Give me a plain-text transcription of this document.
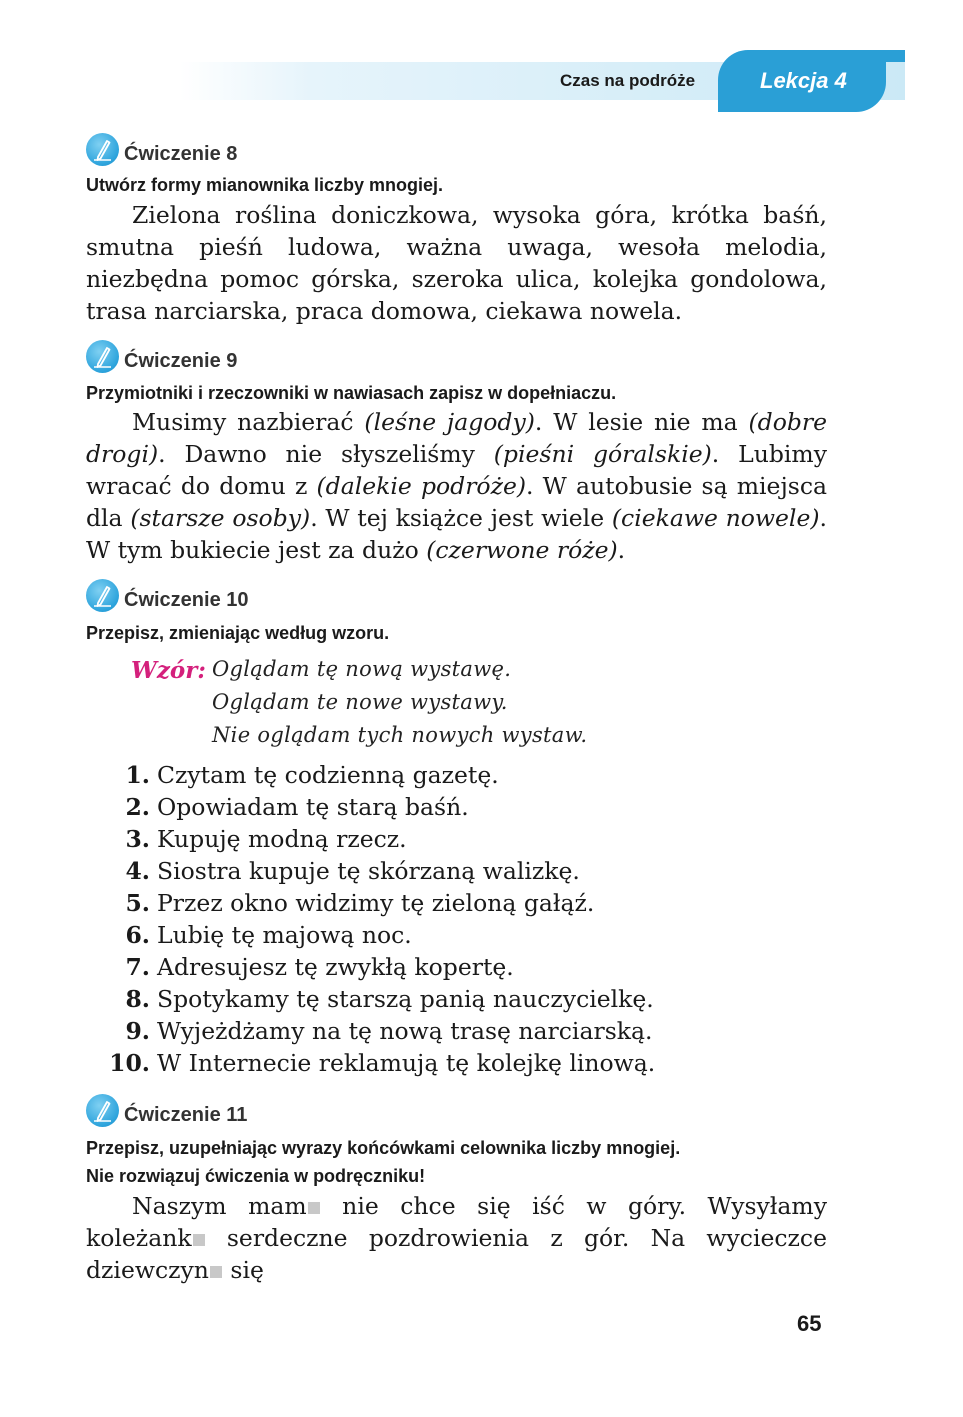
Czas na podróże	Lekcja 4
Ćwiczenie 8
Utwórz formy mianownika liczby mnogiej.

Zielona roślina doniczkowa, wysoka góra, krótka baśń, smutna pieśń ludowa, ważna uwaga, wesoła melodia, niezbędna pomoc górska, szeroka ulica, kolejka gondolowa, trasa narciarska, praca domowa, ciekawa nowela.

Ćwiczenie 9
Przymiotniki i rzeczowniki w nawiasach zapisz w dopełniaczu.

Musimy nazbierać (leśne jagody). W lesie nie ma (dobre drogi). Dawno nie słyszeliśmy (pieśni góralskie). Lubimy wracać do domu z (dalekie podróże). W autobusie są miejsca dla (starsze osoby). W tej książce jest wiele (ciekawe nowele). W tym bukiecie jest za dużo (czerwone róże).

Ćwiczenie 10
Przepisz, zmieniając według wzoru.
Wzór: Oglądam tę nową wystawę.
Oglądam te nowe wystawy.
Nie oglądam tych nowych wystaw.
1. Czytam tę codzienną gazetę.
2. Opowiadam tę starą baśń.
3. Kupuję modną rzecz.
4. Siostra kupuje tę skórzaną walizkę.
5. Przez okno widzimy tę zieloną gałąź.
6. Lubię tę majową noc.
7. Adresujesz tę zwykłą kopertę.
8. Spotykamy tę starszą panią nauczycielkę.
9. Wyjeżdżamy na tę nową trasę narciarską.
10. W Internecie reklamują tę kolejkę linową.
Ćwiczenie 11
Przepisz, uzupełniając wyrazy końcówkami celownika liczby mnogiej.
Nie rozwiązuj ćwiczenia w podręczniku!

Naszym mam nie chce się iść w góry. Wysyłamy koleżank serdeczne pozdrowienia z gór. Na wycieczce dziewczyn się

65
